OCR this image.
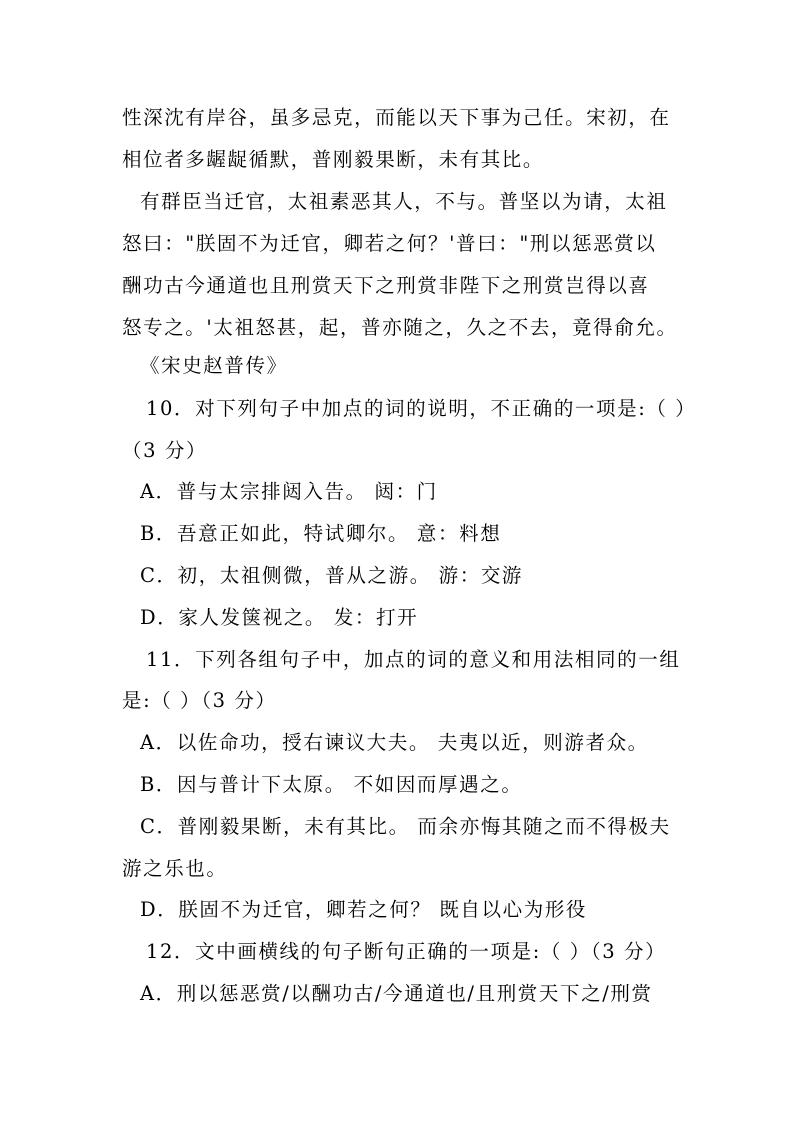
性深沈有岸谷，虽多忌克，而能以天下事为己任。宋初，在
相位者多龌龊循默，普刚毅果断，未有其比。
有群臣当迁官，太祖素恶其人，不与。普坚以为请，太祖
怒曰："朕固不为迁官，卿若之何？'普曰："刑以惩恶赏以
酬功古今通道也且刑赏天下之刑赏非陛下之刑赏岂得以喜
怒专之。'太祖怒甚，起，普亦随之，久之不去，竟得俞允。
《宋史赵普传》
10．对下列句子中加点的词的说明，不正确的一项是:（ ）
（3 分）
A．普与太宗排闼入告。 闼：门
B．吾意正如此，特试卿尔。 意：料想
C．初，太祖侧微，普从之游。 游：交游
D．家人发箧视之。 发：打开
11．下列各组句子中，加点的词的意义和用法相同的一组
是:（ ）（3 分）
A．以佐命功，授右谏议大夫。 夫夷以近，则游者众。
B．因与普计下太原。 不如因而厚遇之。
C．普刚毅果断，未有其比。 而余亦悔其随之而不得极夫
游之乐也。
D．朕固不为迁官，卿若之何？ 既自以心为形役
12．文中画横线的句子断句正确的一项是:（ ）（3 分）
A．刑以惩恶赏/以酬功古/今通道也/且刑赏天下之/刑赏
